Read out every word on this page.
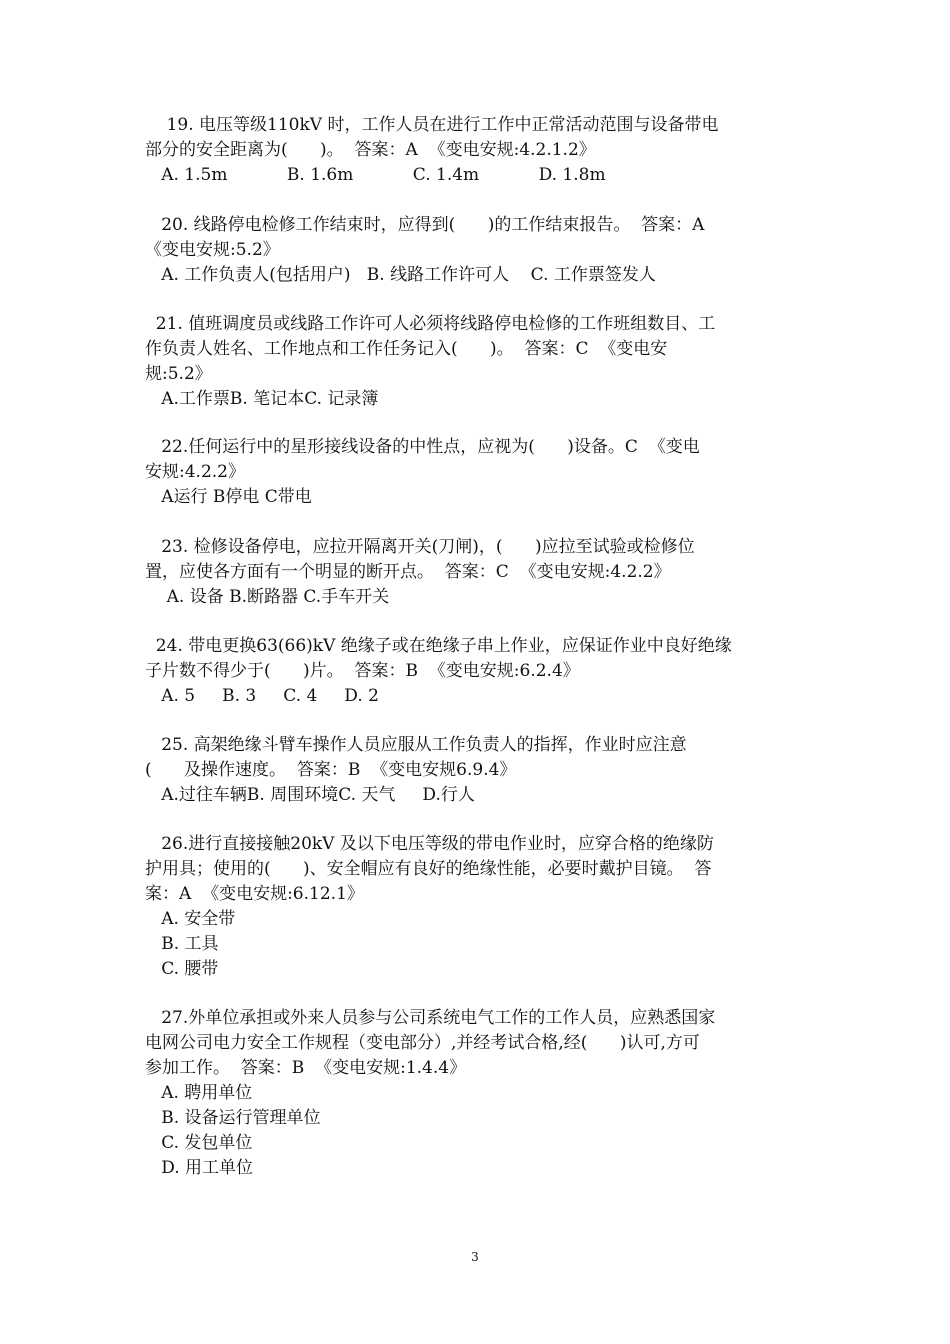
19. 电压等级110kV 时，工作人员在进行工作中正常活动范围与设备带电
部分的安全距离为(      )。  答案：A  《变电安规:4.2.1.2》
A. 1.5m           B. 1.6m           C. 1.4m           D. 1.8m
20. 线路停电检修工作结束时，应得到(      )的工作结束报告。  答案：A
《变电安规:5.2》
A. 工作负责人(包括用户)   B. 线路工作许可人    C. 工作票签发人
21. 值班调度员或线路工作许可人必须将线路停电检修的工作班组数目、工
作负责人姓名、工作地点和工作任务记入(      )。  答案：C  《变电安
规:5.2》
A.工作票B. 笔记本C. 记录簿
22.任何运行中的星形接线设备的中性点，应视为(      )设备。C  《变电
安规:4.2.2》
A运行 B停电 C带电
23. 检修设备停电，应拉开隔离开关(刀闸)，(      )应拉至试验或检修位
置，应使各方面有一个明显的断开点。  答案：C  《变电安规:4.2.2》
A. 设备 B.断路器 C.手车开关
24. 带电更换63(66)kV 绝缘子或在绝缘子串上作业，应保证作业中良好绝缘
子片数不得少于(      )片。  答案：B  《变电安规:6.2.4》
A. 5     B. 3     C. 4     D. 2
25. 高架绝缘斗臂车操作人员应服从工作负责人的指挥，作业时应注意
(      及操作速度。  答案：B  《变电安规6.9.4》
A.过往车辆B. 周围环境C. 天气     D.行人
26.进行直接接触20kV 及以下电压等级的带电作业时，应穿合格的绝缘防
护用具；使用的(      )、安全帽应有良好的绝缘性能，必要时戴护目镜。  答
案：A  《变电安规:6.12.1》
A. 安全带
B. 工具
C. 腰带
27.外单位承担或外来人员参与公司系统电气工作的工作人员，应熟悉国家
电网公司电力安全工作规程（变电部分）,并经考试合格,经(      )认可,方可
参加工作。  答案：B  《变电安规:1.4.4》
A. 聘用单位
B. 设备运行管理单位
C. 发包单位
D. 用工单位
3
